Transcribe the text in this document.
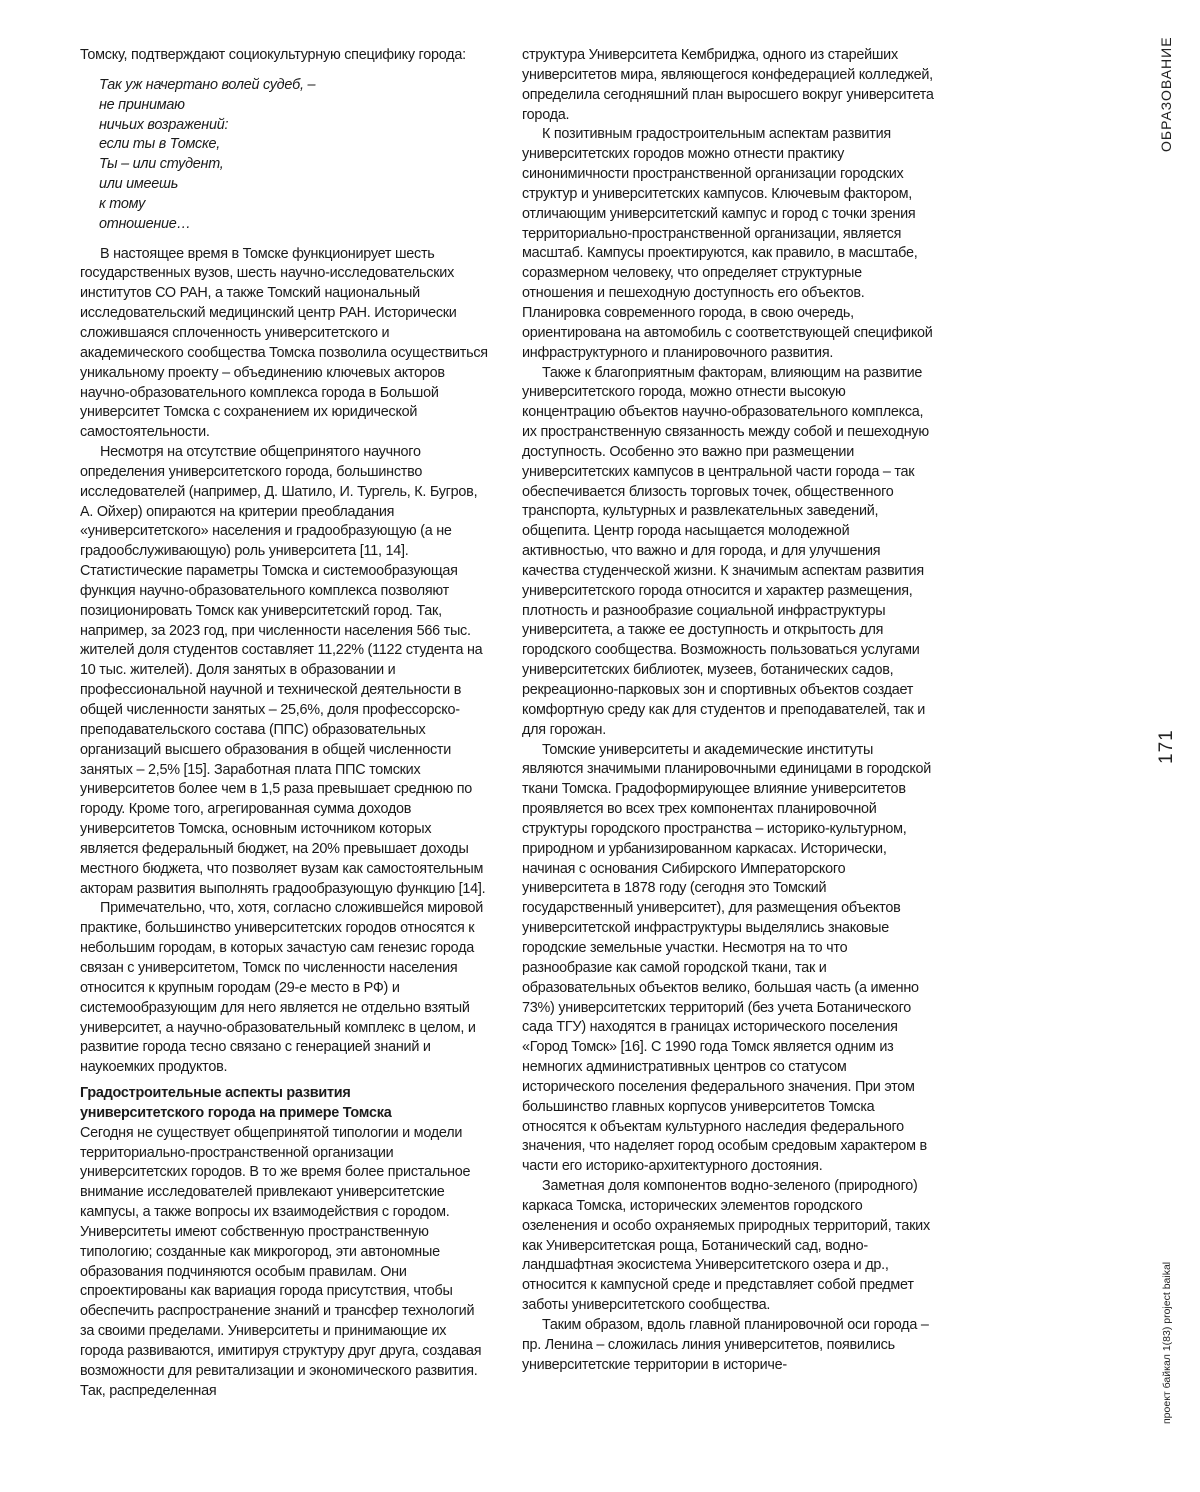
Томску, подтверждают социокультурную специфику города:

Так уж начертано волей судеб, –
не принимаю
ничьих возражений:
если ты в Томске,
Ты – или студент,
или имеешь
к тому
отношение…

В настоящее время в Томске функционирует шесть государственных вузов, шесть научно-исследовательских институтов СО РАН, а также Томский национальный исследовательский медицинский центр РАН. Исторически сложившаяся сплоченность университетского и академического сообщества Томска позволила осуществиться уникальному проекту – объединению ключевых акторов научно-образовательного комплекса города в Большой университет Томска с сохранением их юридической самостоятельности.

Несмотря на отсутствие общепринятого научного определения университетского города, большинство исследователей (например, Д. Шатило, И. Тургель, К. Бугров, А. Ойхер) опираются на критерии преобладания «университетского» населения и градообразующую (а не градообслуживающую) роль университета [11, 14]. Статистические параметры Томска и системообразующая функция научно-образовательного комплекса позволяют позиционировать Томск как университетский город. Так, например, за 2023 год, при численности населения 566 тыс. жителей доля студентов составляет 11,22% (1122 студента на 10 тыс. жителей). Доля занятых в образовании и профессиональной научной и технической деятельности в общей численности занятых – 25,6%, доля профессорско-преподавательского состава (ППС) образовательных организаций высшего образования в общей численности занятых – 2,5% [15]. Заработная плата ППС томских университетов более чем в 1,5 раза превышает среднюю по городу. Кроме того, агрегированная сумма доходов университетов Томска, основным источником которых является федеральный бюджет, на 20% превышает доходы местного бюджета, что позволяет вузам как самостоятельным акторам развития выполнять градообразующую функцию [14].

Примечательно, что, хотя, согласно сложившейся мировой практике, большинство университетских городов относятся к небольшим городам, в которых зачастую сам генезис города связан с университетом, Томск по численности населения относится к крупным городам (29-е место в РФ) и системообразующим для него является не отдельно взятый университет, а научно-образовательный комплекс в целом, и развитие города тесно связано с генерацией знаний и наукоемких продуктов.

Градостроительные аспекты развития
университетского города на примере Томска

Сегодня не существует общепринятой типологии и модели территориально-пространственной организации университетских городов. В то же время более пристальное внимание исследователей привлекают университетские кампусы, а также вопросы их взаимодействия с городом. Университеты имеют собственную пространственную типологию; созданные как микрогород, эти автономные образования подчиняются особым правилам. Они спроектированы как вариация города присутствия, чтобы обеспечить распространение знаний и трансфер технологий за своими пределами. Университеты и принимающие их города развиваются, имитируя структуру друг друга, создавая возможности для ревитализации и экономического развития. Так, распределенная

структура Университета Кембриджа, одного из старейших университетов мира, являющегося конфедерацией колледжей, определила сегодняшний план выросшего вокруг университета города.

К позитивным градостроительным аспектам развития университетских городов можно отнести практику синонимичности пространственной организации городских структур и университетских кампусов. Ключевым фактором, отличающим университетский кампус и город с точки зрения территориально-пространственной организации, является масштаб. Кампусы проектируются, как правило, в масштабе, соразмерном человеку, что определяет структурные отношения и пешеходную доступность его объектов. Планировка современного города, в свою очередь, ориентирована на автомобиль с соответствующей спецификой инфраструктурного и планировочного развития.

Также к благоприятным факторам, влияющим на развитие университетского города, можно отнести высокую концентрацию объектов научно-образовательного комплекса, их пространственную связанность между собой и пешеходную доступность. Особенно это важно при размещении университетских кампусов в центральной части города – так обеспечивается близость торговых точек, общественного транспорта, культурных и развлекательных заведений, общепита. Центр города насыщается молодежной активностью, что важно и для города, и для улучшения качества студенческой жизни. К значимым аспектам развития университетского города относится и характер размещения, плотность и разнообразие социальной инфраструктуры университета, а также ее доступность и открытость для городского сообщества. Возможность пользоваться услугами университетских библиотек, музеев, ботанических садов, рекреационно-парковых зон и спортивных объектов создает комфортную среду как для студентов и преподавателей, так и для горожан.

Томские университеты и академические институты являются значимыми планировочными единицами в городской ткани Томска. Градоформирующее влияние университетов проявляется во всех трех компонентах планировочной структуры городского пространства – историко-культурном, природном и урбанизированном каркасах. Исторически, начиная с основания Сибирского Императорского университета в 1878 году (сегодня это Томский государственный университет), для размещения объектов университетской инфраструктуры выделялись знаковые городские земельные участки. Несмотря на то что разнообразие как самой городской ткани, так и образовательных объектов велико, большая часть (а именно 73%) университетских территорий (без учета Ботанического сада ТГУ) находятся в границах исторического поселения «Город Томск» [16]. С 1990 года Томск является одним из немногих административных центров со статусом исторического поселения федерального значения. При этом большинство главных корпусов университетов Томска относятся к объектам культурного наследия федерального значения, что наделяет город особым средовым характером в части его историко-архитектурного достояния.

Заметная доля компонентов водно-зеленого (природного) каркаса Томска, исторических элементов городского озеленения и особо охраняемых природных территорий, таких как Университетская роща, Ботанический сад, водно-ландшафтная экосистема Университетского озера и др., относится к кампусной среде и представляет собой предмет заботы университетского сообщества.

Таким образом, вдоль главной планировочной оси города – пр. Ленина – сложилась линия университетов, появились университетские территории в историче-

ОБРАЗОВАНИЕ
171
проект байкал 1(83) project baikal
